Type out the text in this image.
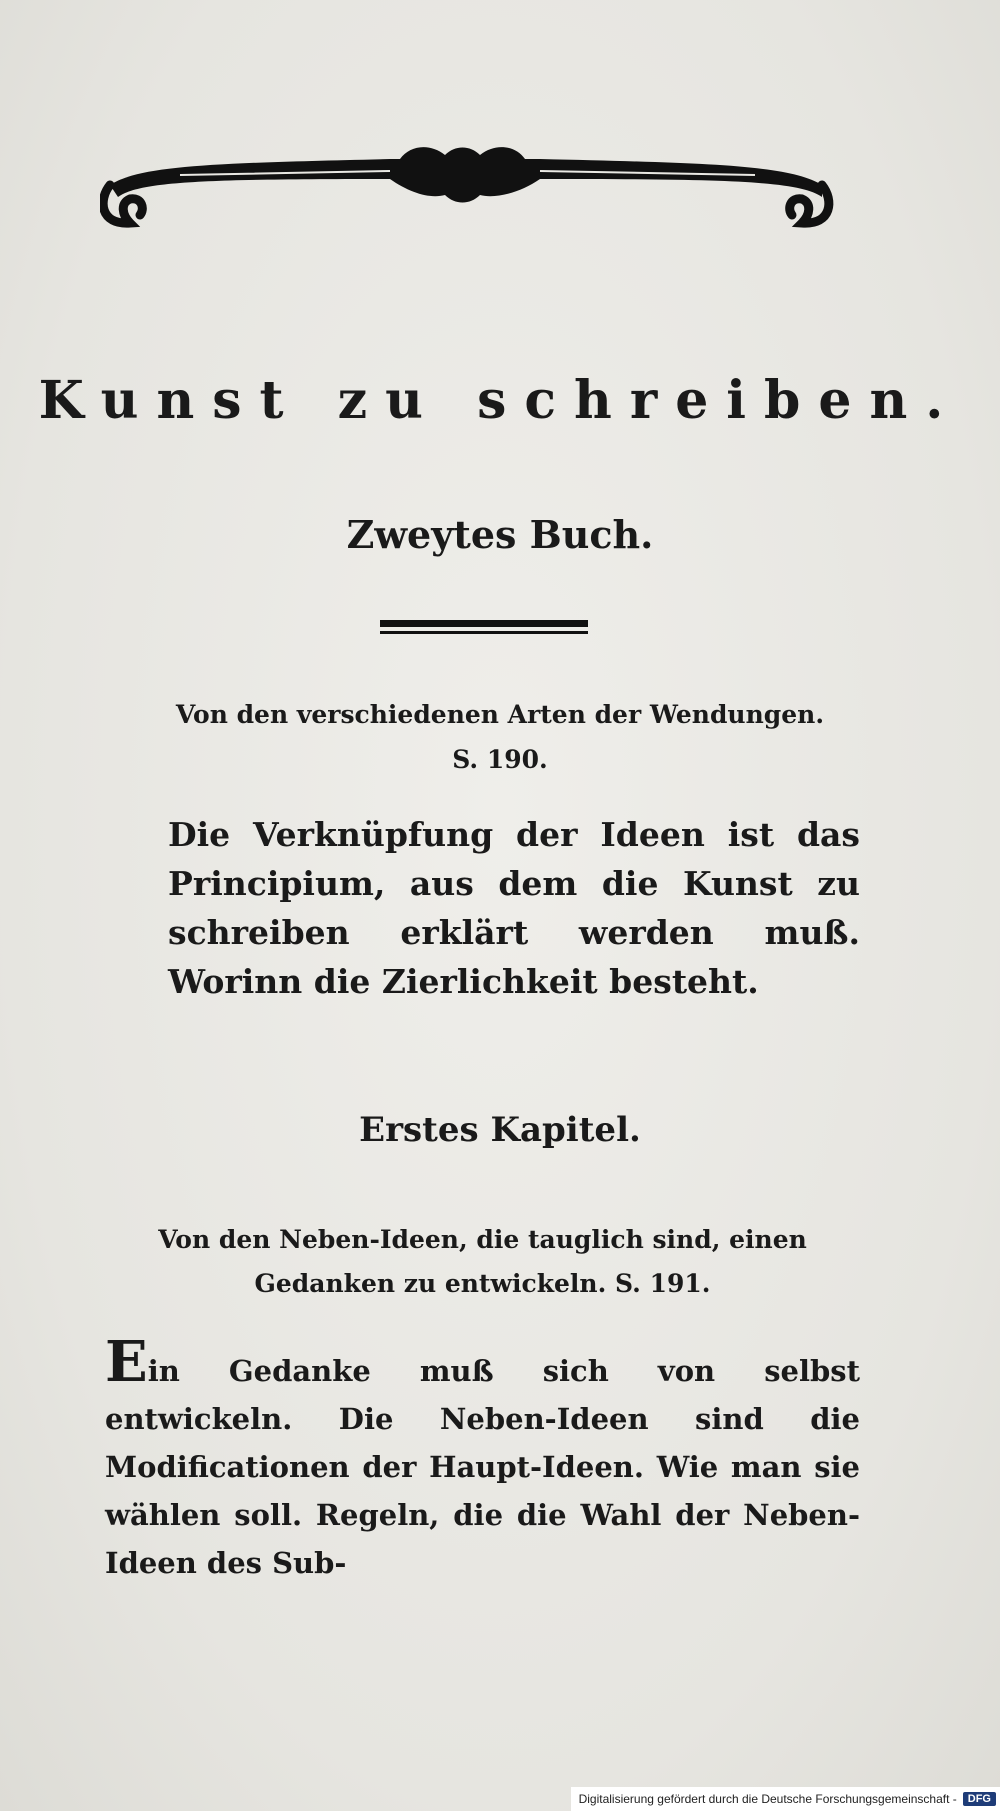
Kunst zu schreiben.
Zweytes Buch.
Von den verschiedenen Arten der Wendungen.
S. 190.
Die Verknüpfung der Ideen ist das Principium, aus dem die Kunst zu schreiben erklärt werden muß. Worinn die Zierlichkeit besteht.
Erstes Kapitel.
Von den Neben-Ideen, die tauglich sind, einen Gedanken zu entwickeln. S. 191.
Ein Gedanke muß sich von selbst entwickeln. Die Neben-Ideen sind die Modificationen der Haupt-Ideen. Wie man sie wählen soll. Regeln, die die Wahl der Neben-Ideen des Sub-
Digitalisierung gefördert durch die Deutsche Forschungsgemeinschaft -	DFG
